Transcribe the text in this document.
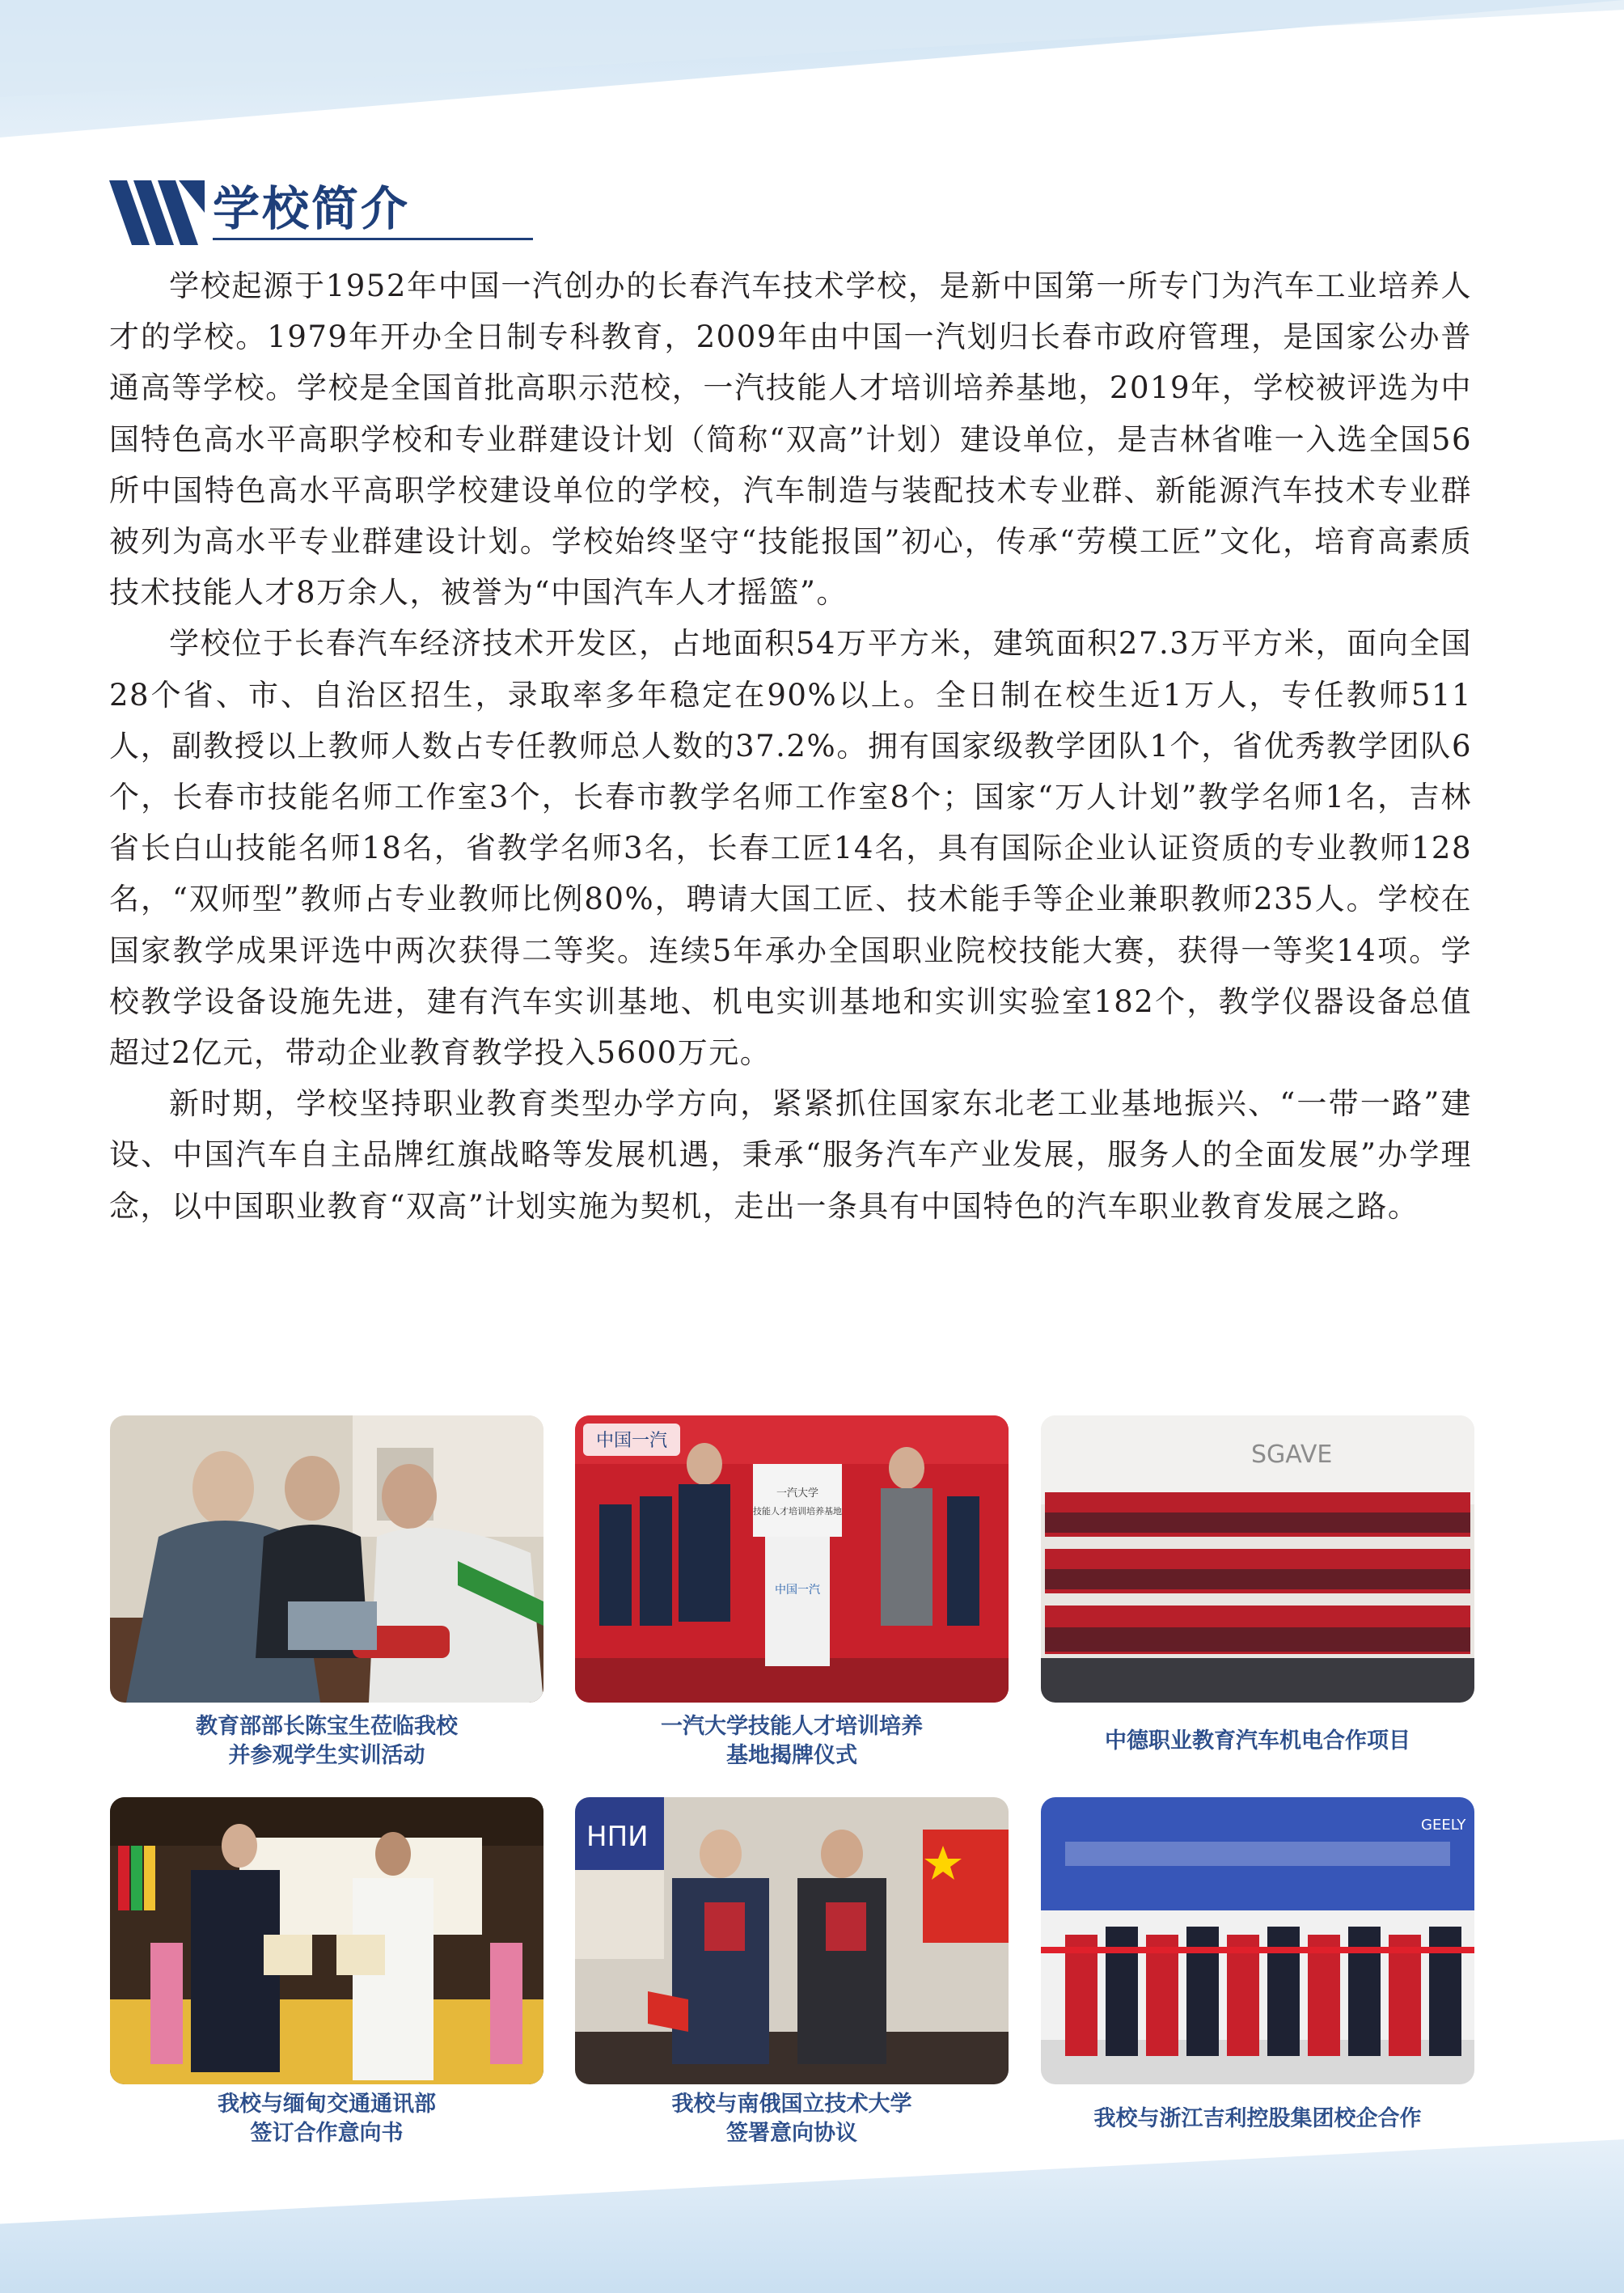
学校简介

学校起源于1952年中国一汽创办的长春汽车技术学校，是新中国第一所专门为汽车工业培养人才的学校。1979年开办全日制专科教育，2009年由中国一汽划归长春市政府管理，是国家公办普通高等学校。学校是全国首批高职示范校，一汽技能人才培训培养基地，2019年，学校被评选为中国特色高水平高职学校和专业群建设计划（简称“双高”计划）建设单位，是吉林省唯一入选全国56所中国特色高水平高职学校建设单位的学校，汽车制造与装配技术专业群、新能源汽车技术专业群被列为高水平专业群建设计划。学校始终坚守“技能报国”初心，传承“劳模工匠”文化，培育高素质技术技能人才8万余人，被誉为“中国汽车人才摇篮”。

学校位于长春汽车经济技术开发区，占地面积54万平方米，建筑面积27.3万平方米，面向全国28个省、市、自治区招生，录取率多年稳定在90%以上。全日制在校生近1万人，专任教师511人，副教授以上教师人数占专任教师总人数的37.2%。拥有国家级教学团队1个，省优秀教学团队6个，长春市技能名师工作室3个，长春市教学名师工作室8个；国家“万人计划”教学名师1名，吉林省长白山技能名师18名，省教学名师3名，长春工匠14名，具有国际企业认证资质的专业教师128名，“双师型”教师占专业教师比例80%，聘请大国工匠、技术能手等企业兼职教师235人。学校在国家教学成果评选中两次获得二等奖。连续5年承办全国职业院校技能大赛，获得一等奖14项。学校教学设备设施先进，建有汽车实训基地、机电实训基地和实训实验室182个，教学仪器设备总值超过2亿元，带动企业教育教学投入5600万元。

新时期，学校坚持职业教育类型办学方向，紧紧抓住国家东北老工业基地振兴、“一带一路”建设、中国汽车自主品牌红旗战略等发展机遇，秉承“服务汽车产业发展，服务人的全面发展”办学理念，以中国职业教育“双高”计划实施为契机，走出一条具有中国特色的汽车职业教育发展之路。

教育部部长陈宝生莅临我校
并参观学生实训活动
中国一汽
一汽大学
技能人才培训培养基地
中国一汽
一汽大学技能人才培训培养
基地揭牌仪式
SGAVE
中德职业教育汽车机电合作项目
我校与缅甸交通通讯部
签订合作意向书
НПИ
我校与南俄国立技术大学
签署意向协议
GEELY
我校与浙江吉利控股集团校企合作
